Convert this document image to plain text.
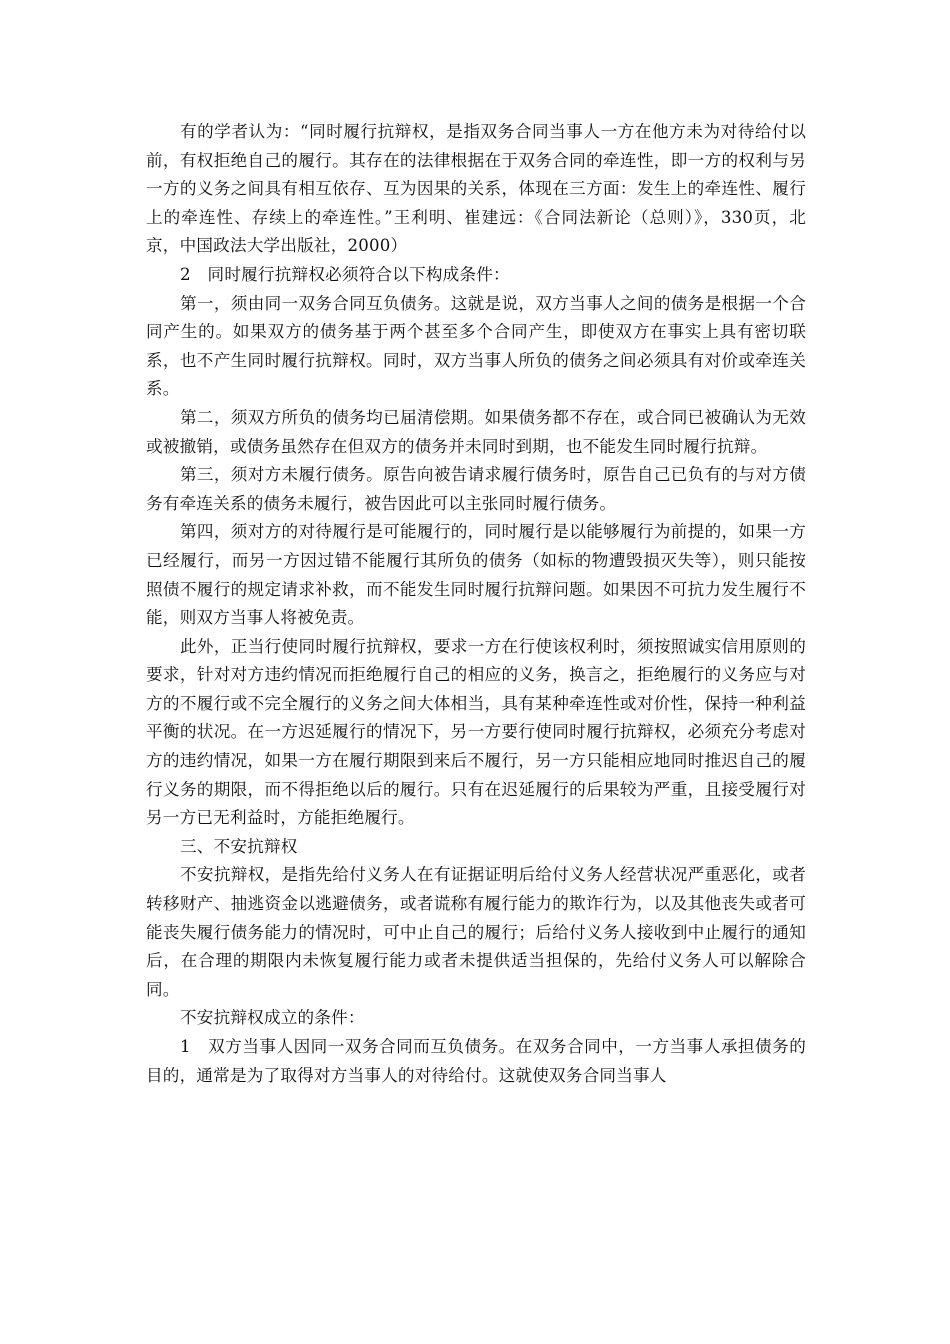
有的学者认为：“同时履行抗辩权，是指双务合同当事人一方在他方未为对待给付以前，有权拒绝自己的履行。其存在的法律根据在于双务合同的牵连性，即一方的权利与另一方的义务之间具有相互依存、互为因果的关系，体现在三方面：发生上的牵连性、履行上的牵连性、存续上的牵连性。”王利明、崔建远：《合同法新论（总则）》，330页，北京，中国政法大学出版社，2000）

2　同时履行抗辩权必须符合以下构成条件：

第一，须由同一双务合同互负债务。这就是说，双方当事人之间的债务是根据一个合同产生的。如果双方的债务基于两个甚至多个合同产生，即使双方在事实上具有密切联系，也不产生同时履行抗辩权。同时，双方当事人所负的债务之间必须具有对价或牵连关系。

第二，须双方所负的债务均已届清偿期。如果债务都不存在，或合同已被确认为无效或被撤销，或债务虽然存在但双方的债务并未同时到期，也不能发生同时履行抗辩。

第三，须对方未履行债务。原告向被告请求履行债务时，原告自己已负有的与对方债务有牵连关系的债务未履行，被告因此可以主张同时履行债务。

第四，须对方的对待履行是可能履行的，同时履行是以能够履行为前提的，如果一方已经履行，而另一方因过错不能履行其所负的债务（如标的物遭毁损灭失等），则只能按照债不履行的规定请求补救，而不能发生同时履行抗辩问题。如果因不可抗力发生履行不能，则双方当事人将被免责。

此外，正当行使同时履行抗辩权，要求一方在行使该权利时，须按照诚实信用原则的要求，针对对方违约情况而拒绝履行自己的相应的义务，换言之，拒绝履行的义务应与对方的不履行或不完全履行的义务之间大体相当，具有某种牵连性或对价性，保持一种利益平衡的状况。在一方迟延履行的情况下，另一方要行使同时履行抗辩权，必须充分考虑对方的违约情况，如果一方在履行期限到来后不履行，另一方只能相应地同时推迟自己的履行义务的期限，而不得拒绝以后的履行。只有在迟延履行的后果较为严重，且接受履行对另一方已无利益时，方能拒绝履行。

三、不安抗辩权

不安抗辩权，是指先给付义务人在有证据证明后给付义务人经营状况严重恶化，或者转移财产、抽逃资金以逃避债务，或者谎称有履行能力的欺诈行为，以及其他丧失或者可能丧失履行债务能力的情况时，可中止自己的履行；后给付义务人接收到中止履行的通知后，在合理的期限内未恢复履行能力或者未提供适当担保的，先给付义务人可以解除合同。

不安抗辩权成立的条件：

1　双方当事人因同一双务合同而互负债务。在双务合同中，一方当事人承担债务的目的，通常是为了取得对方当事人的对待给付。这就使双务合同当事人
